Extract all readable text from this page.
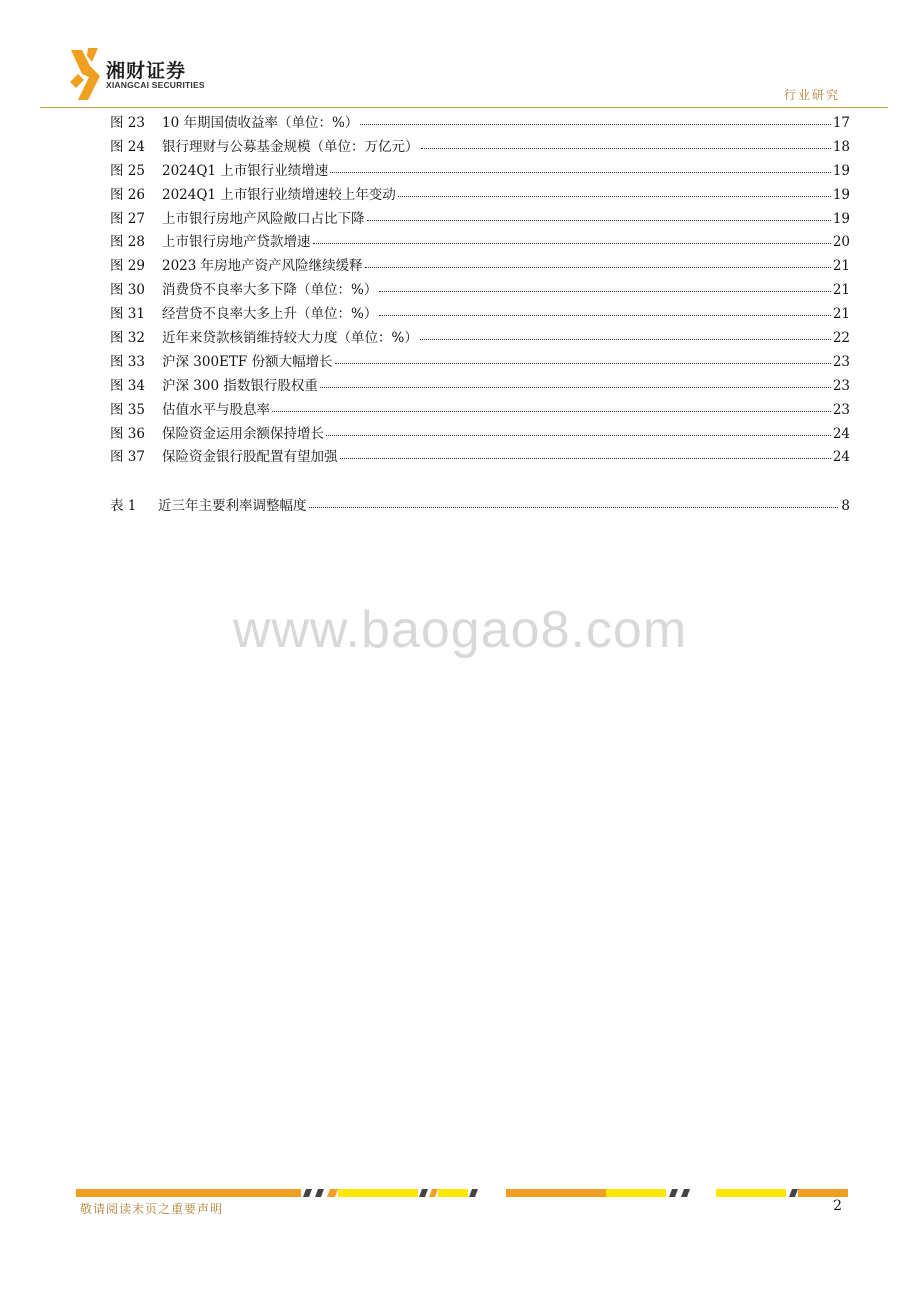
湘财证券
XIANGCAI SECURITIES
行业研究
图 23	10 年期国债收益率（单位：%）	17
图 24	银行理财与公募基金规模（单位：万亿元）	18
图 25	2024Q1 上市银行业绩增速	19
图 26	2024Q1 上市银行业绩增速较上年变动	19
图 27	上市银行房地产风险敞口占比下降	19
图 28	上市银行房地产贷款增速	20
图 29	2023 年房地产资产风险继续缓释	21
图 30	消费贷不良率大多下降（单位：%）	21
图 31	经营贷不良率大多上升（单位：%）	21
图 32	近年来贷款核销维持较大力度（单位：%）	22
图 33	沪深 300ETF 份额大幅增长	23
图 34	沪深 300 指数银行股权重	23
图 35	估值水平与股息率	23
图 36	保险资金运用余额保持增长	24
图 37	保险资金银行股配置有望加强	24
表 1	近三年主要利率调整幅度	8
www.baogao8.com
敬请阅读末页之重要声明	2
